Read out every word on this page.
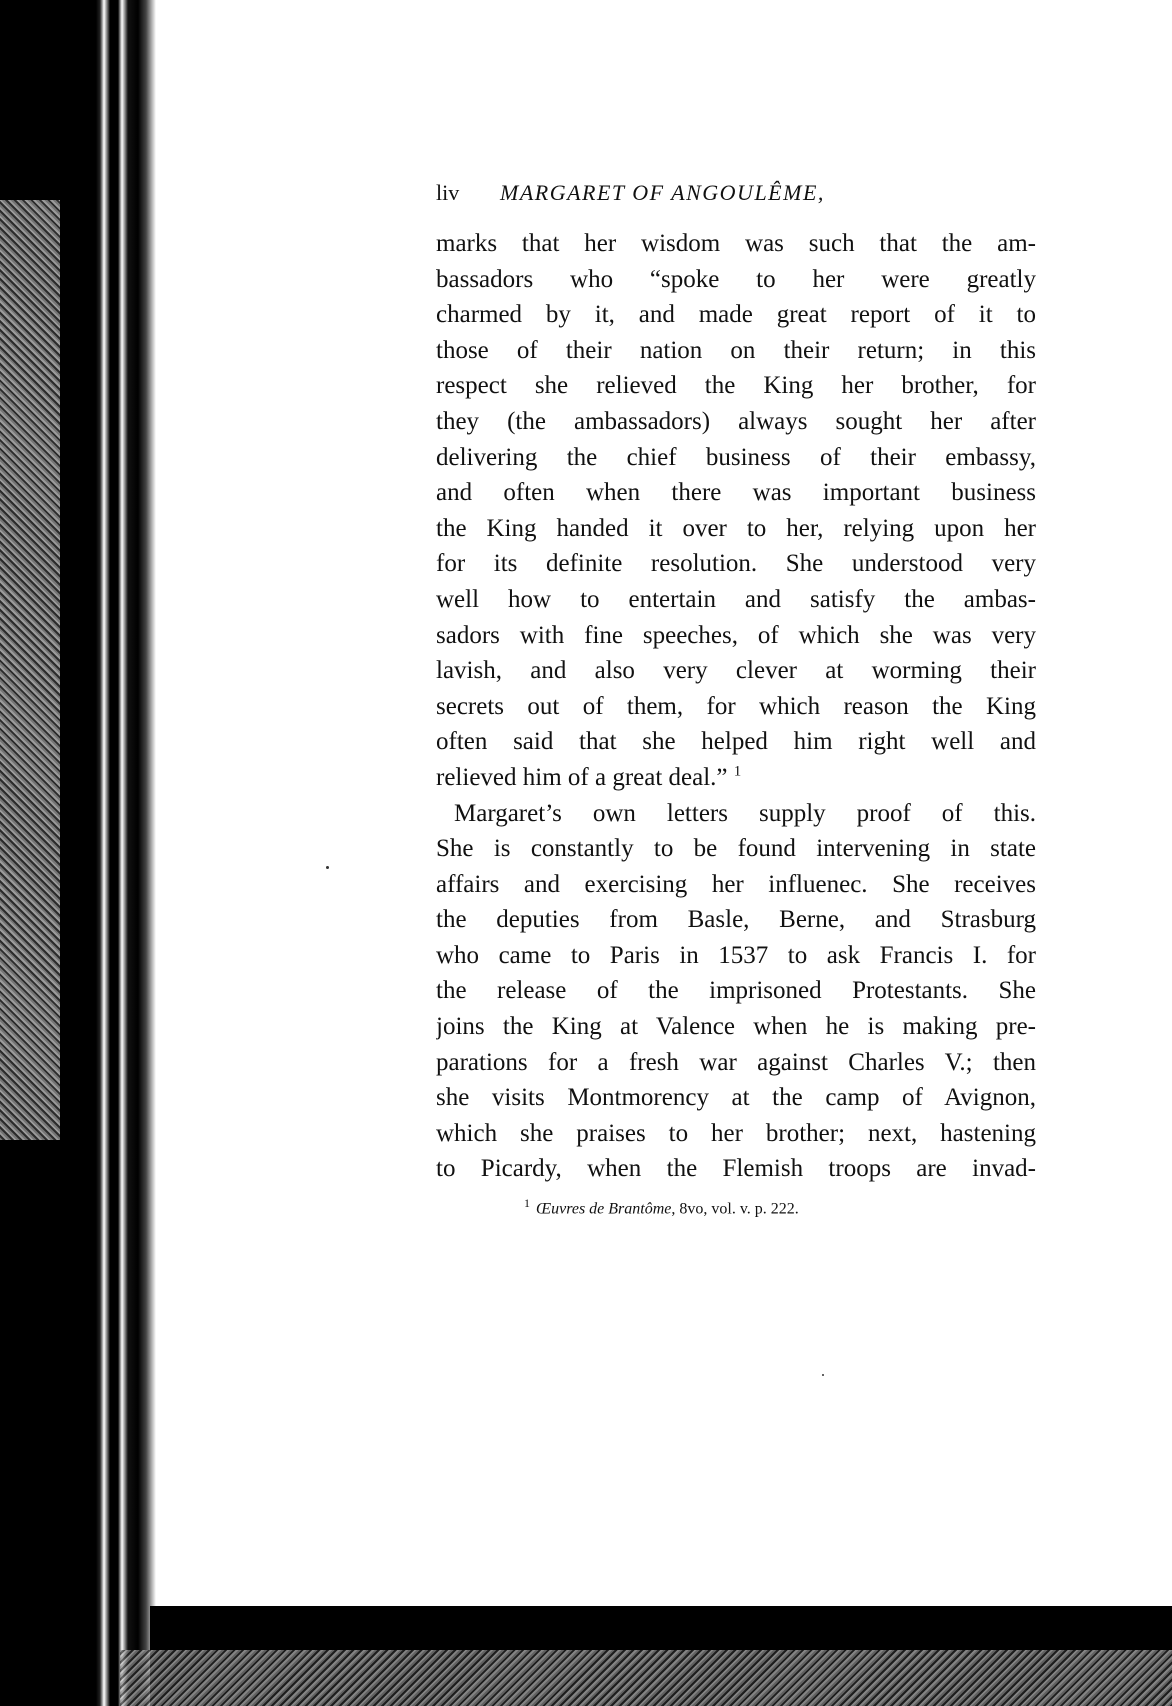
liv	MARGARET OF ANGOULÊME,
marks that her wisdom was such that the am-
bassadors who “spoke to her were greatly
charmed by it, and made great report of it to
those of their nation on their return; in this
respect she relieved the King her brother, for
they (the ambassadors) always sought her after
delivering the chief business of their embassy,
and often when there was important business
the King handed it over to her, relying upon her
for its definite resolution. She understood very
well how to entertain and satisfy the ambas-
sadors with fine speeches, of which she was very
lavish, and also very clever at worming their
secrets out of them, for which reason the King
often said that she helped him right well and
relieved him of a great deal.” $^1$
Margaret’s own letters supply proof of this.
She is constantly to be found intervening in state
affairs and exercising her influenec. She receives
the deputies from Basle, Berne, and Strasburg
who came to Paris in 1537 to ask Francis I. for
the release of the imprisoned Protestants. She
joins the King at Valence when he is making pre-
parations for a fresh war against Charles V.; then
she visits Montmorency at the camp of Avignon,
which she praises to her brother; next, hastening
to Picardy, when the Flemish troops are invad-
$^1$ Œuvres de Brantôme, 8vo, vol. v. p. 222.
